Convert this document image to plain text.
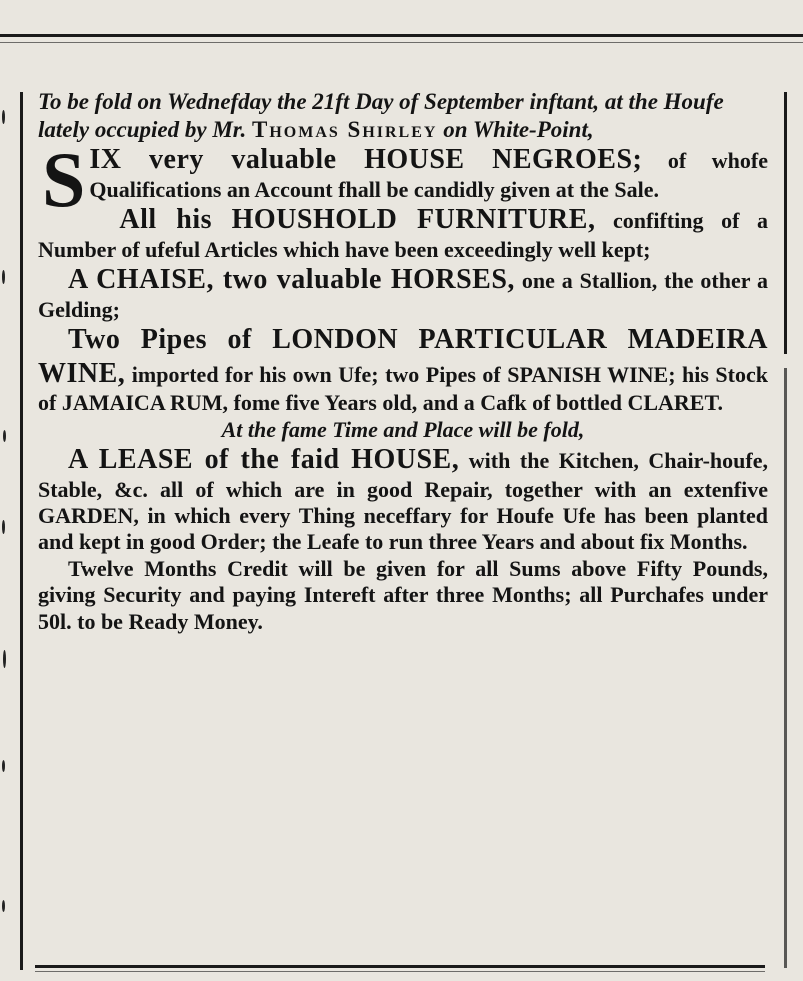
To be fold on Wednefday the 21ft Day of September inftant, at the Houfe lately occupied by Mr. Thomas Shirley on White-Point,

SIX very valuable HOUSE NEGROES; of whofe Qualifications an Account fhall be candidly given at the Sale.

All his HOUSHOLD FURNITURE, confifting of a Number of ufeful Articles which have been exceedingly well kept;

A CHAISE, two valuable HORSES, one a Stallion, the other a Gelding;

Two Pipes of LONDON PARTICULAR MADEIRA WINE, imported for his own Ufe; two Pipes of SPANISH WINE; his Stock of JAMAICA RUM, fome five Years old, and a Cafk of bottled CLARET.

At the fame Time and Place will be fold,

A LEASE of the faid HOUSE, with the Kitchen, Chair-houfe, Stable, &c. all of which are in good Repair, together with an extenfive GARDEN, in which every Thing neceffary for Houfe Ufe has been planted and kept in good Order; the Leafe to run three Years and about fix Months.

Twelve Months Credit will be given for all Sums above Fifty Pounds, giving Security and paying Intereft after three Months; all Purchafes under 50l. to be Ready Money.
